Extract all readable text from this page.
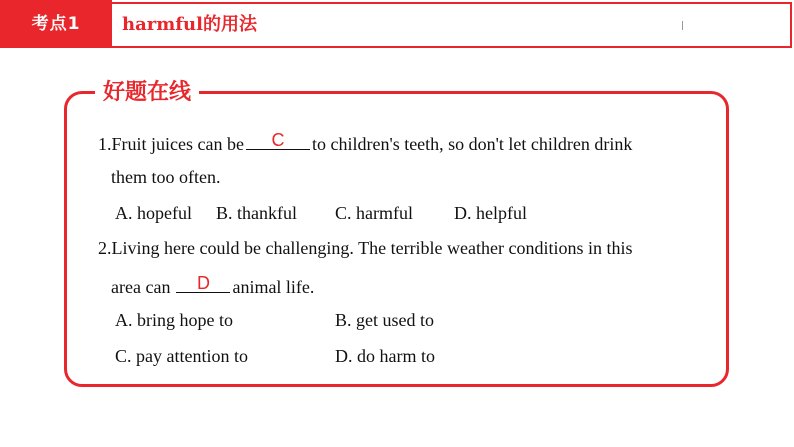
考点1	harmful的用法
好题在线
1.Fruit juices can be	C	to children's teeth, so don't let children drink
them too often.
A. hopeful B. thankful C. harmful D. helpful
2.Living here could be challenging. The terrible weather conditions in this
area can	D	animal life.
A. bring hope to	B. get used to
C. pay attention to	D. do harm to
